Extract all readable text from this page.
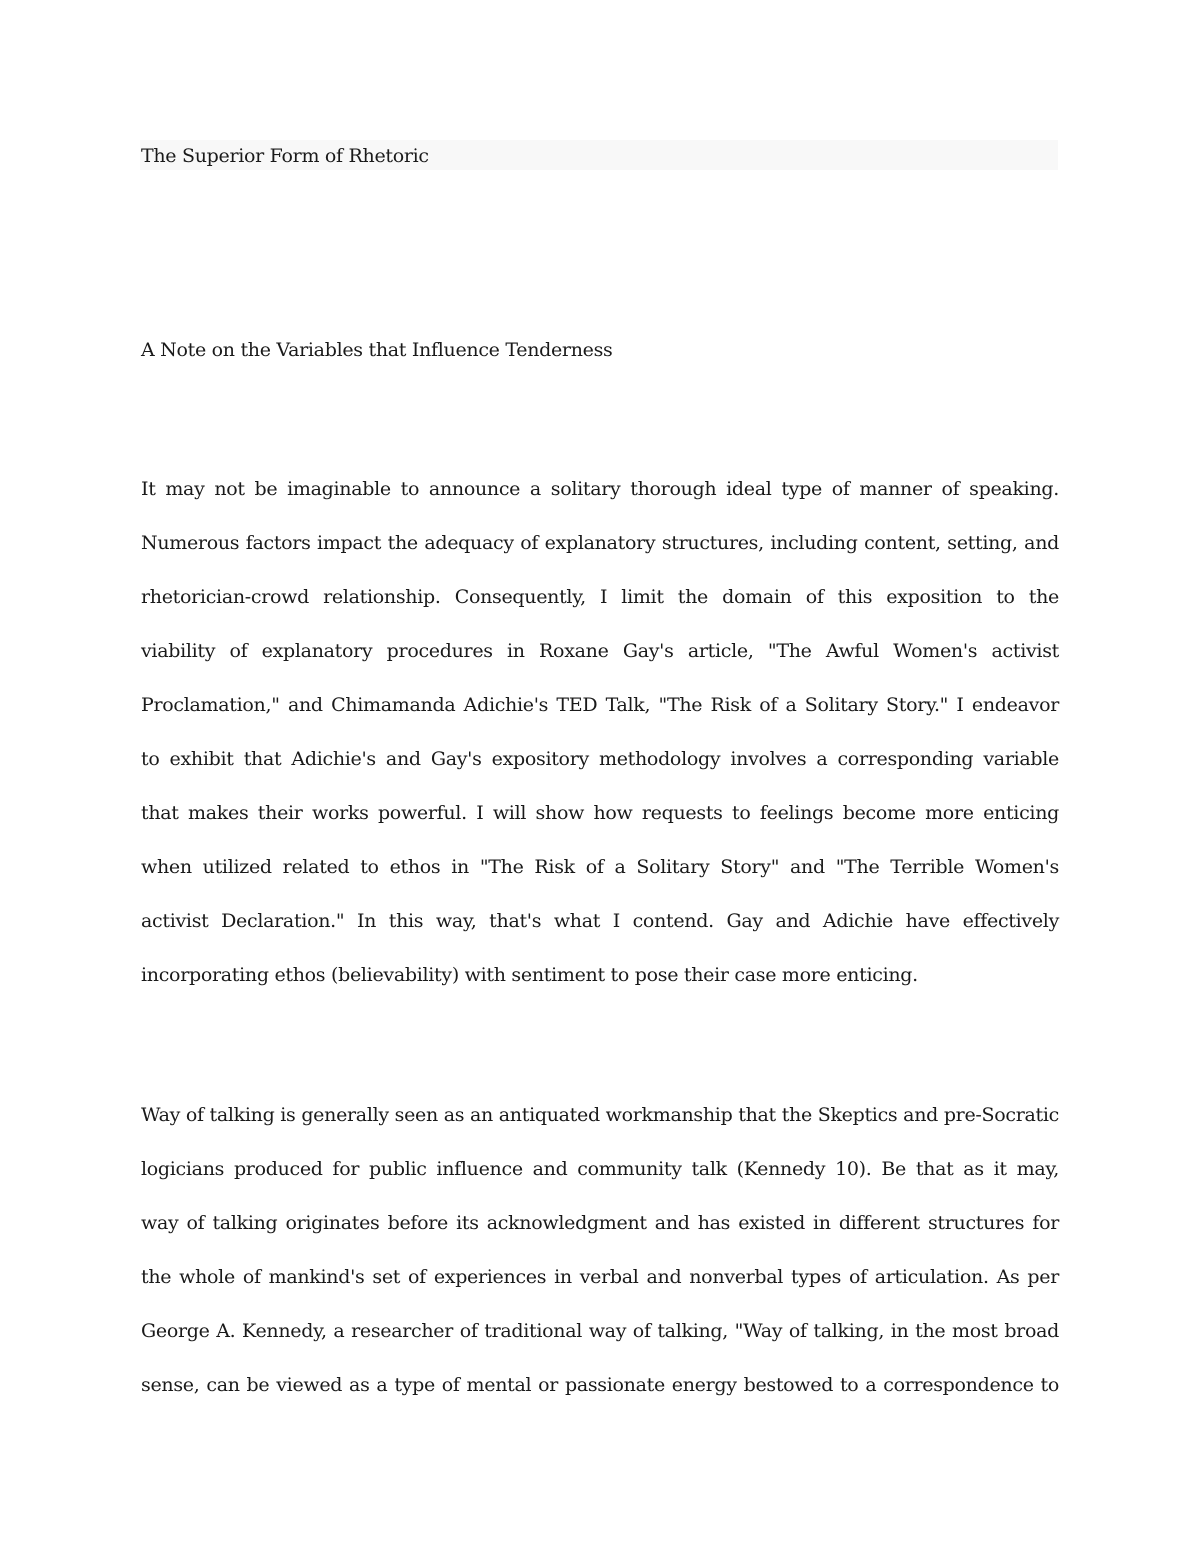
The Superior Form of Rhetoric
A Note on the Variables that Influence Tenderness
It may not be imaginable to announce a solitary thorough ideal type of manner of speaking.
Numerous factors impact the adequacy of explanatory structures, including content, setting, and
rhetorician-crowd relationship. Consequently, I limit the domain of this exposition to the
viability of explanatory procedures in Roxane Gay's article, "The Awful Women's activist
Proclamation," and Chimamanda Adichie's TED Talk, "The Risk of a Solitary Story." I endeavor
to exhibit that Adichie's and Gay's expository methodology involves a corresponding variable
that makes their works powerful. I will show how requests to feelings become more enticing
when utilized related to ethos in "The Risk of a Solitary Story" and "The Terrible Women's
activist Declaration." In this way, that's what I contend. Gay and Adichie have effectively
incorporating ethos (believability) with sentiment to pose their case more enticing.
Way of talking is generally seen as an antiquated workmanship that the Skeptics and pre-Socratic
logicians produced for public influence and community talk (Kennedy 10). Be that as it may,
way of talking originates before its acknowledgment and has existed in different structures for
the whole of mankind's set of experiences in verbal and nonverbal types of articulation. As per
George A. Kennedy, a researcher of traditional way of talking, "Way of talking, in the most broad
sense, can be viewed as a type of mental or passionate energy bestowed to a correspondence to
